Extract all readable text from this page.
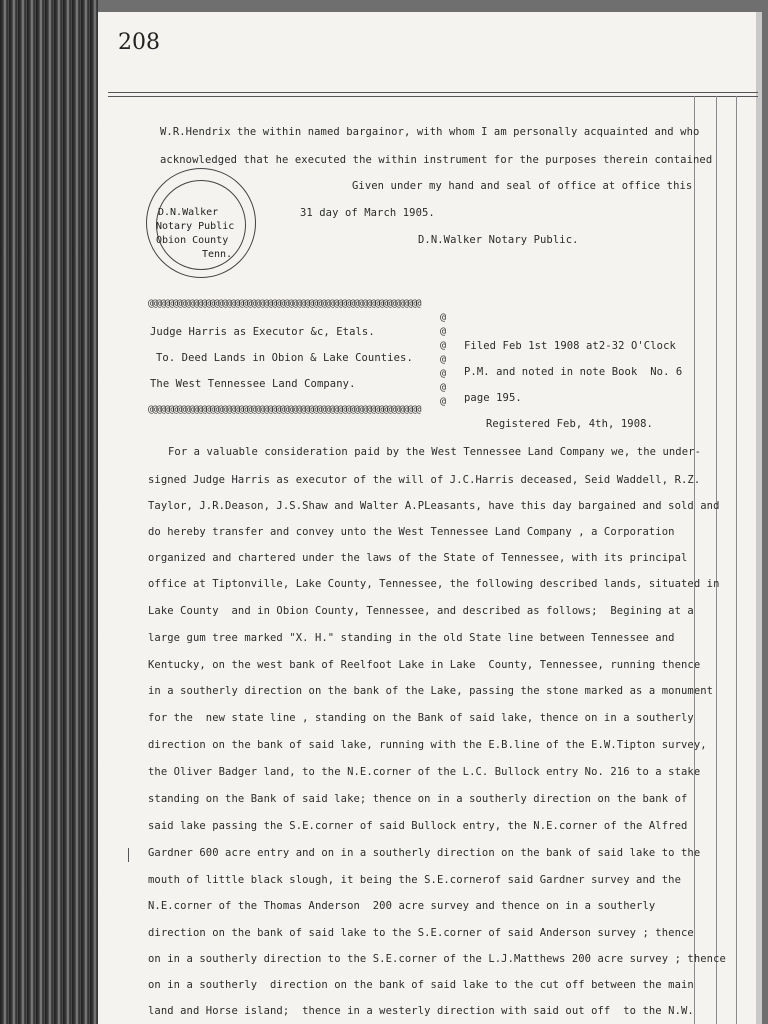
208
W.R.Hendrix the within named bargainor, with whom I am personally acquainted and who
acknowledged that he executed the within instrument for the purposes therein contained
Given under my hand and seal of office at office this
31 day of March 1905.
D.N.Walker Notary Public.
D.N.Walker
Notary Public
Obion County
Tenn.
@@@@@@@@@@@@@@@@@@@@@@@@@@@@@@@@@@@@@@@@@@@@@@@@@@@@@@@@@@@@@@@@@@
@
@
@
@
@
@
@
@@@@@@@@@@@@@@@@@@@@@@@@@@@@@@@@@@@@@@@@@@@@@@@@@@@@@@@@@@@@@@@@@@
Judge Harris as Executor &c, Etals.
To. Deed Lands in Obion & Lake Counties.
The West Tennessee Land Company.
Filed Feb 1st 1908 at2-32 O'Clock
P.M. and noted in note Book  No. 6
page 195.
Registered Feb, 4th, 1908.
For a valuable consideration paid by the West Tennessee Land Company we, the under-
signed Judge Harris as executor of the will of J.C.Harris deceased, Seid Waddell, R.Z.
Taylor, J.R.Deason, J.S.Shaw and Walter A.PLeasants, have this day bargained and sold and
do hereby transfer and convey unto the West Tennessee Land Company , a Corporation
organized and chartered under the laws of the State of Tennessee, with its principal
office at Tiptonville, Lake County, Tennessee, the following described lands, situated in
Lake County  and in Obion County, Tennessee, and described as follows;  Begining at a
large gum tree marked "X. H." standing in the old State line between Tennessee and
Kentucky, on the west bank of Reelfoot Lake in Lake  County, Tennessee, running thence
in a southerly direction on the bank of the Lake, passing the stone marked as a monument
for the  new state line , standing on the Bank of said lake, thence on in a southerly
direction on the bank of said lake, running with the E.B.line of the E.W.Tipton survey,
the Oliver Badger land, to the N.E.corner of the L.C. Bullock entry No. 216 to a stake
standing on the Bank of said lake; thence on in a southerly direction on the bank of
said lake passing the S.E.corner of said Bullock entry, the N.E.corner of the Alfred
Gardner 600 acre entry and on in a southerly direction on the bank of said lake to the
mouth of little black slough, it being the S.E.cornerof said Gardner survey and the
N.E.corner of the Thomas Anderson  200 acre survey and thence on in a southerly
direction on the bank of said lake to the S.E.corner of said Anderson survey ; thence
on in a southerly direction to the S.E.corner of the L.J.Matthews 200 acre survey ; thence
on in a southerly  direction on the bank of said lake to the cut off between the main
land and Horse island;  thence in a westerly direction with said out off  to the N.W.
